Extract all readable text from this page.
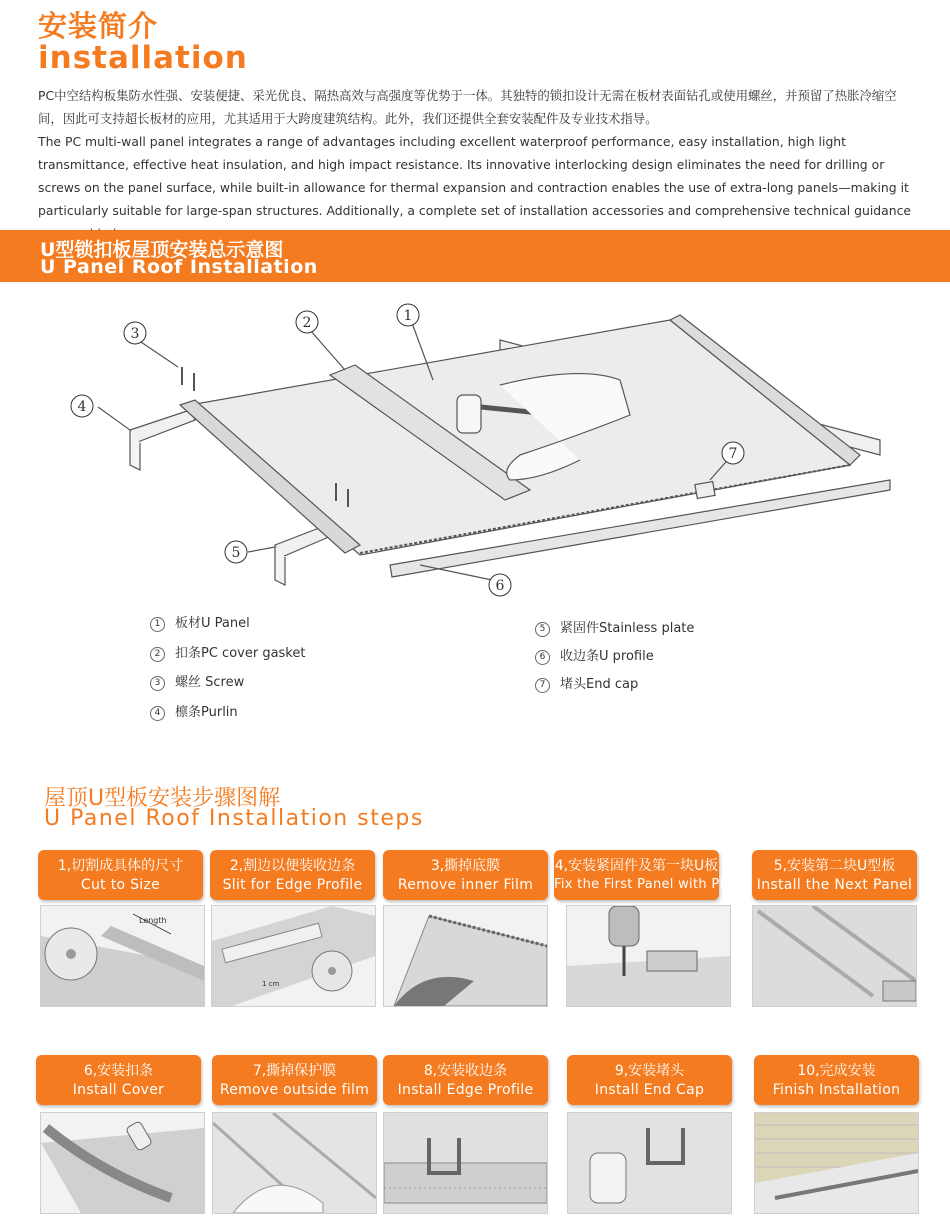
安装简介
installation
PC中空结构板集防水性强、安装便捷、采光优良、隔热高效与高强度等优势于一体。其独特的锁扣设计无需在板材表面钻孔或使用螺丝，并预留了热胀冷缩空间，因此可支持超长板材的应用，尤其适用于大跨度建筑结构。此外，我们还提供全套安装配件及专业技术指导。
The PC multi-wall panel integrates a range of advantages including excellent waterproof performance, easy installation, high light transmittance, effective heat insulation, and high impact resistance. Its innovative interlocking design eliminates the need for drilling or screws on the panel surface, while built-in allowance for thermal expansion and contraction enables the use of extra-long panels—making it particularly suitable for large-span structures. Additionally, a complete set of installation accessories and comprehensive technical guidance
U型锁扣板屋顶安装总示意图
U Panel Roof Installation
1
2
3
4
5
6
7
1 板材U Panel
2 扣条PC cover gasket
3 螺丝 Screw
4 檩条Purlin
5 紧固件Stainless plate
6 收边条U profile
7 堵头End cap
屋顶U型板安装步骤图解
U Panel Roof Installation steps
1,切割成具体的尺寸
Cut to Size
2,割边以便装收边条
Slit for Edge Profile
3,撕掉底膜
Remove inner Film
4,安装紧固件及第一块U板
Fix the First Panel with Plate
5,安装第二块U型板
Install the Next Panel
Length
1 cm
6,安装扣条
Install Cover
7,撕掉保护膜
Remove outside film
8,安装收边条
Install Edge Profile
9,安装堵头
Install End Cap
10,完成安装
Finish Installation
